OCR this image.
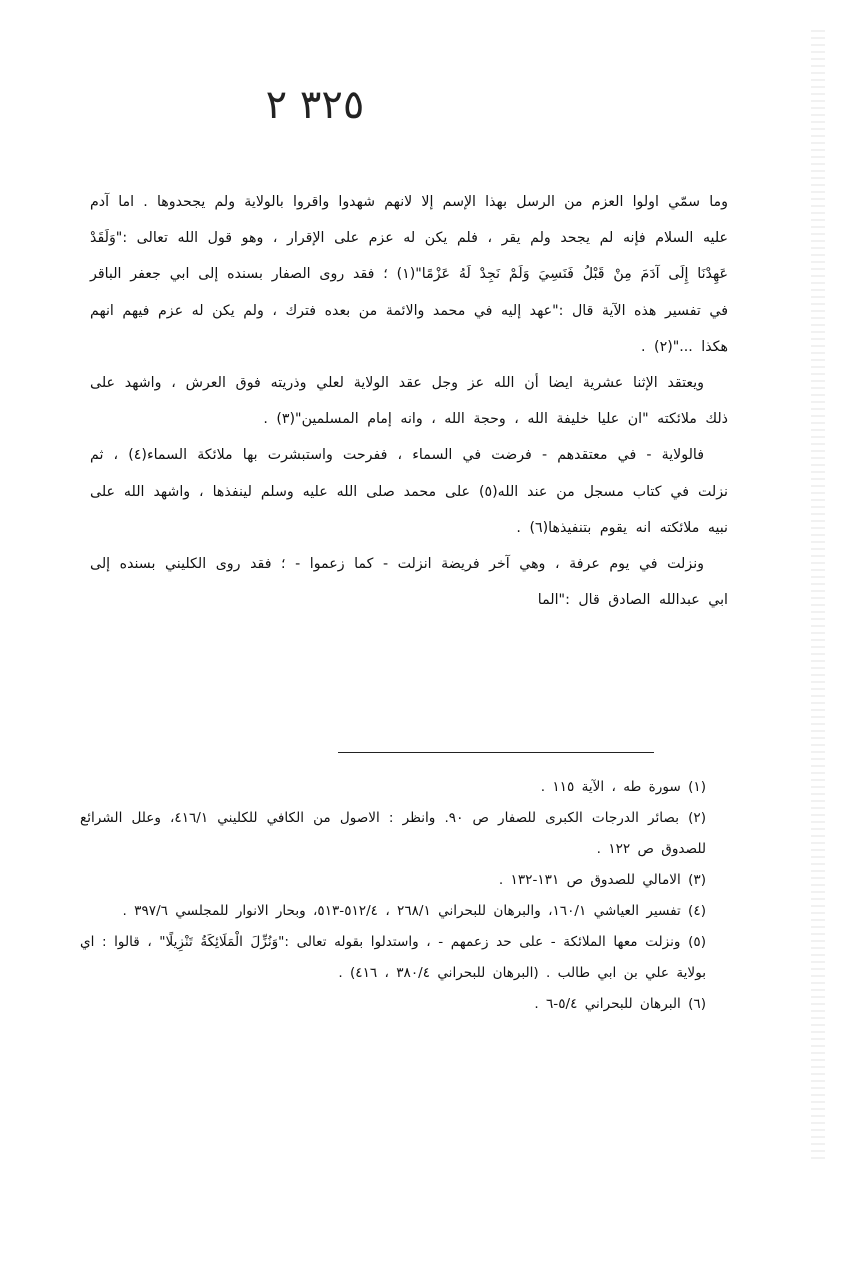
٣٢٥ ٢

وما سمّي اولوا العزم من الرسل بهذا الإسم إلا لانهم شهدوا واقروا بالولاية ولم يجحدوها . اما آدم عليه السلام فإنه لم يجحد ولم يقر ، فلم يكن له عزم على الإقرار ، وهو قول الله تعالى :"وَلَقَدْ عَهِدْنَا إِلَى آدَمَ مِنْ قَبْلُ فَنَسِيَ وَلَمْ نَجِدْ لَهُ عَزْمًا"(١) ؛ فقد روى الصفار بسنده إلى ابي جعفر الباقر في تفسير هذه الآية قال :"عهد إليه في محمد والائمة من بعده فترك ، ولم يكن له عزم فيهم انهم هكذا ..."(٢) .

ويعتقد الإثنا عشرية ايضا أن الله عز وجل عقد الولاية لعلي وذريته فوق العرش ، واشهد على ذلك ملائكته "ان عليا خليفة الله ، وحجة الله ، وانه إمام المسلمين"(٣) .

فالولاية - في معتقدهم - فرضت في السماء ، ففرحت واستبشرت بها ملائكة السماء(٤) ، ثم نزلت في كتاب مسجل من عند الله(٥) على محمد صلى الله عليه وسلم لينفذها ، واشهد الله على نبيه ملائكته انه يقوم بتنفيذها(٦) .

ونزلت في يوم عرفة ، وهي آخر فريضة انزلت - كما زعموا - ؛ فقد روى الكليني بسنده إلى ابي عبدالله الصادق قال :"الما

(١) سورة طه ، الآية ١١٥ .

(٢) بصائر الدرجات الكبرى للصفار ص ٩٠. وانظر : الاصول من الكافي للكليني ٤١٦/١، وعلل الشرائع للصدوق ص ١٢٢ .

(٣) الامالي للصدوق ص ١٣١-١٣٢ .

(٤) تفسير العياشي ١٦٠/١، والبرهان للبحراني ٢٦٨/١ ، ٥١٢/٤-٥١٣، وبحار الانوار للمجلسي ٣٩٧/٦ .

(٥) ونزلت معها الملائكة - على حد زعمهم - ، واستدلوا بقوله تعالى :"وَنُزِّلَ الْمَلَائِكَةُ تَنْزِيلًا" ، قالوا : اي بولاية علي بن ابي طالب . (البرهان للبحراني ٣٨٠/٤ ، ٤١٦) .

(٦) البرهان للبحراني ٥/٤-٦ .
